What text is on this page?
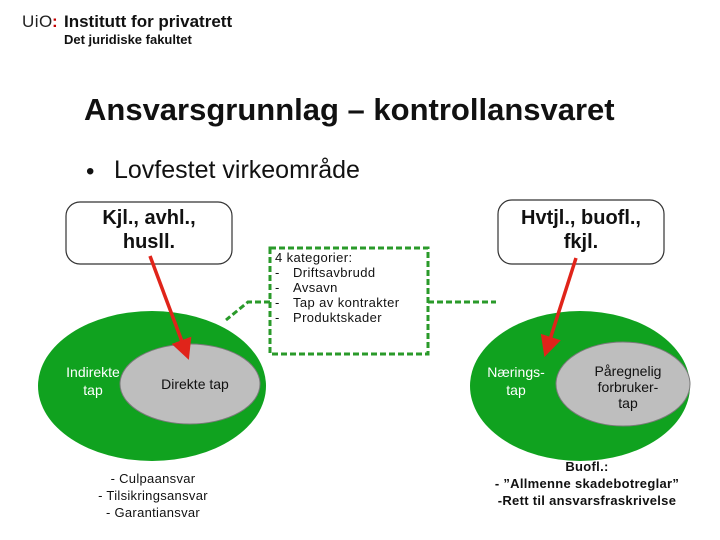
UiO : Institutt for privatrett
Det juridiske fakultet
Ansvarsgrunnlag – kontrollansvaret
• Lovfestet virkeområde
Kjl., avhl.,
husll.
Hvtjl., buofl.,
fkjl.
Indirekte
tap	Direkte tap
Nærings-
tap
Påregnelig
forbruker-
tap
4 kategorier:
-	Driftsavbrudd
-	Avsavn
-	Tap av kontrakter
-	Produktskader
- Culpaansvar
- Tilsikringsansvar
- Garantiansvar
Buofl.:
- ”Allmenne skadebotreglar”
-Rett til ansvarsfraskrivelse
